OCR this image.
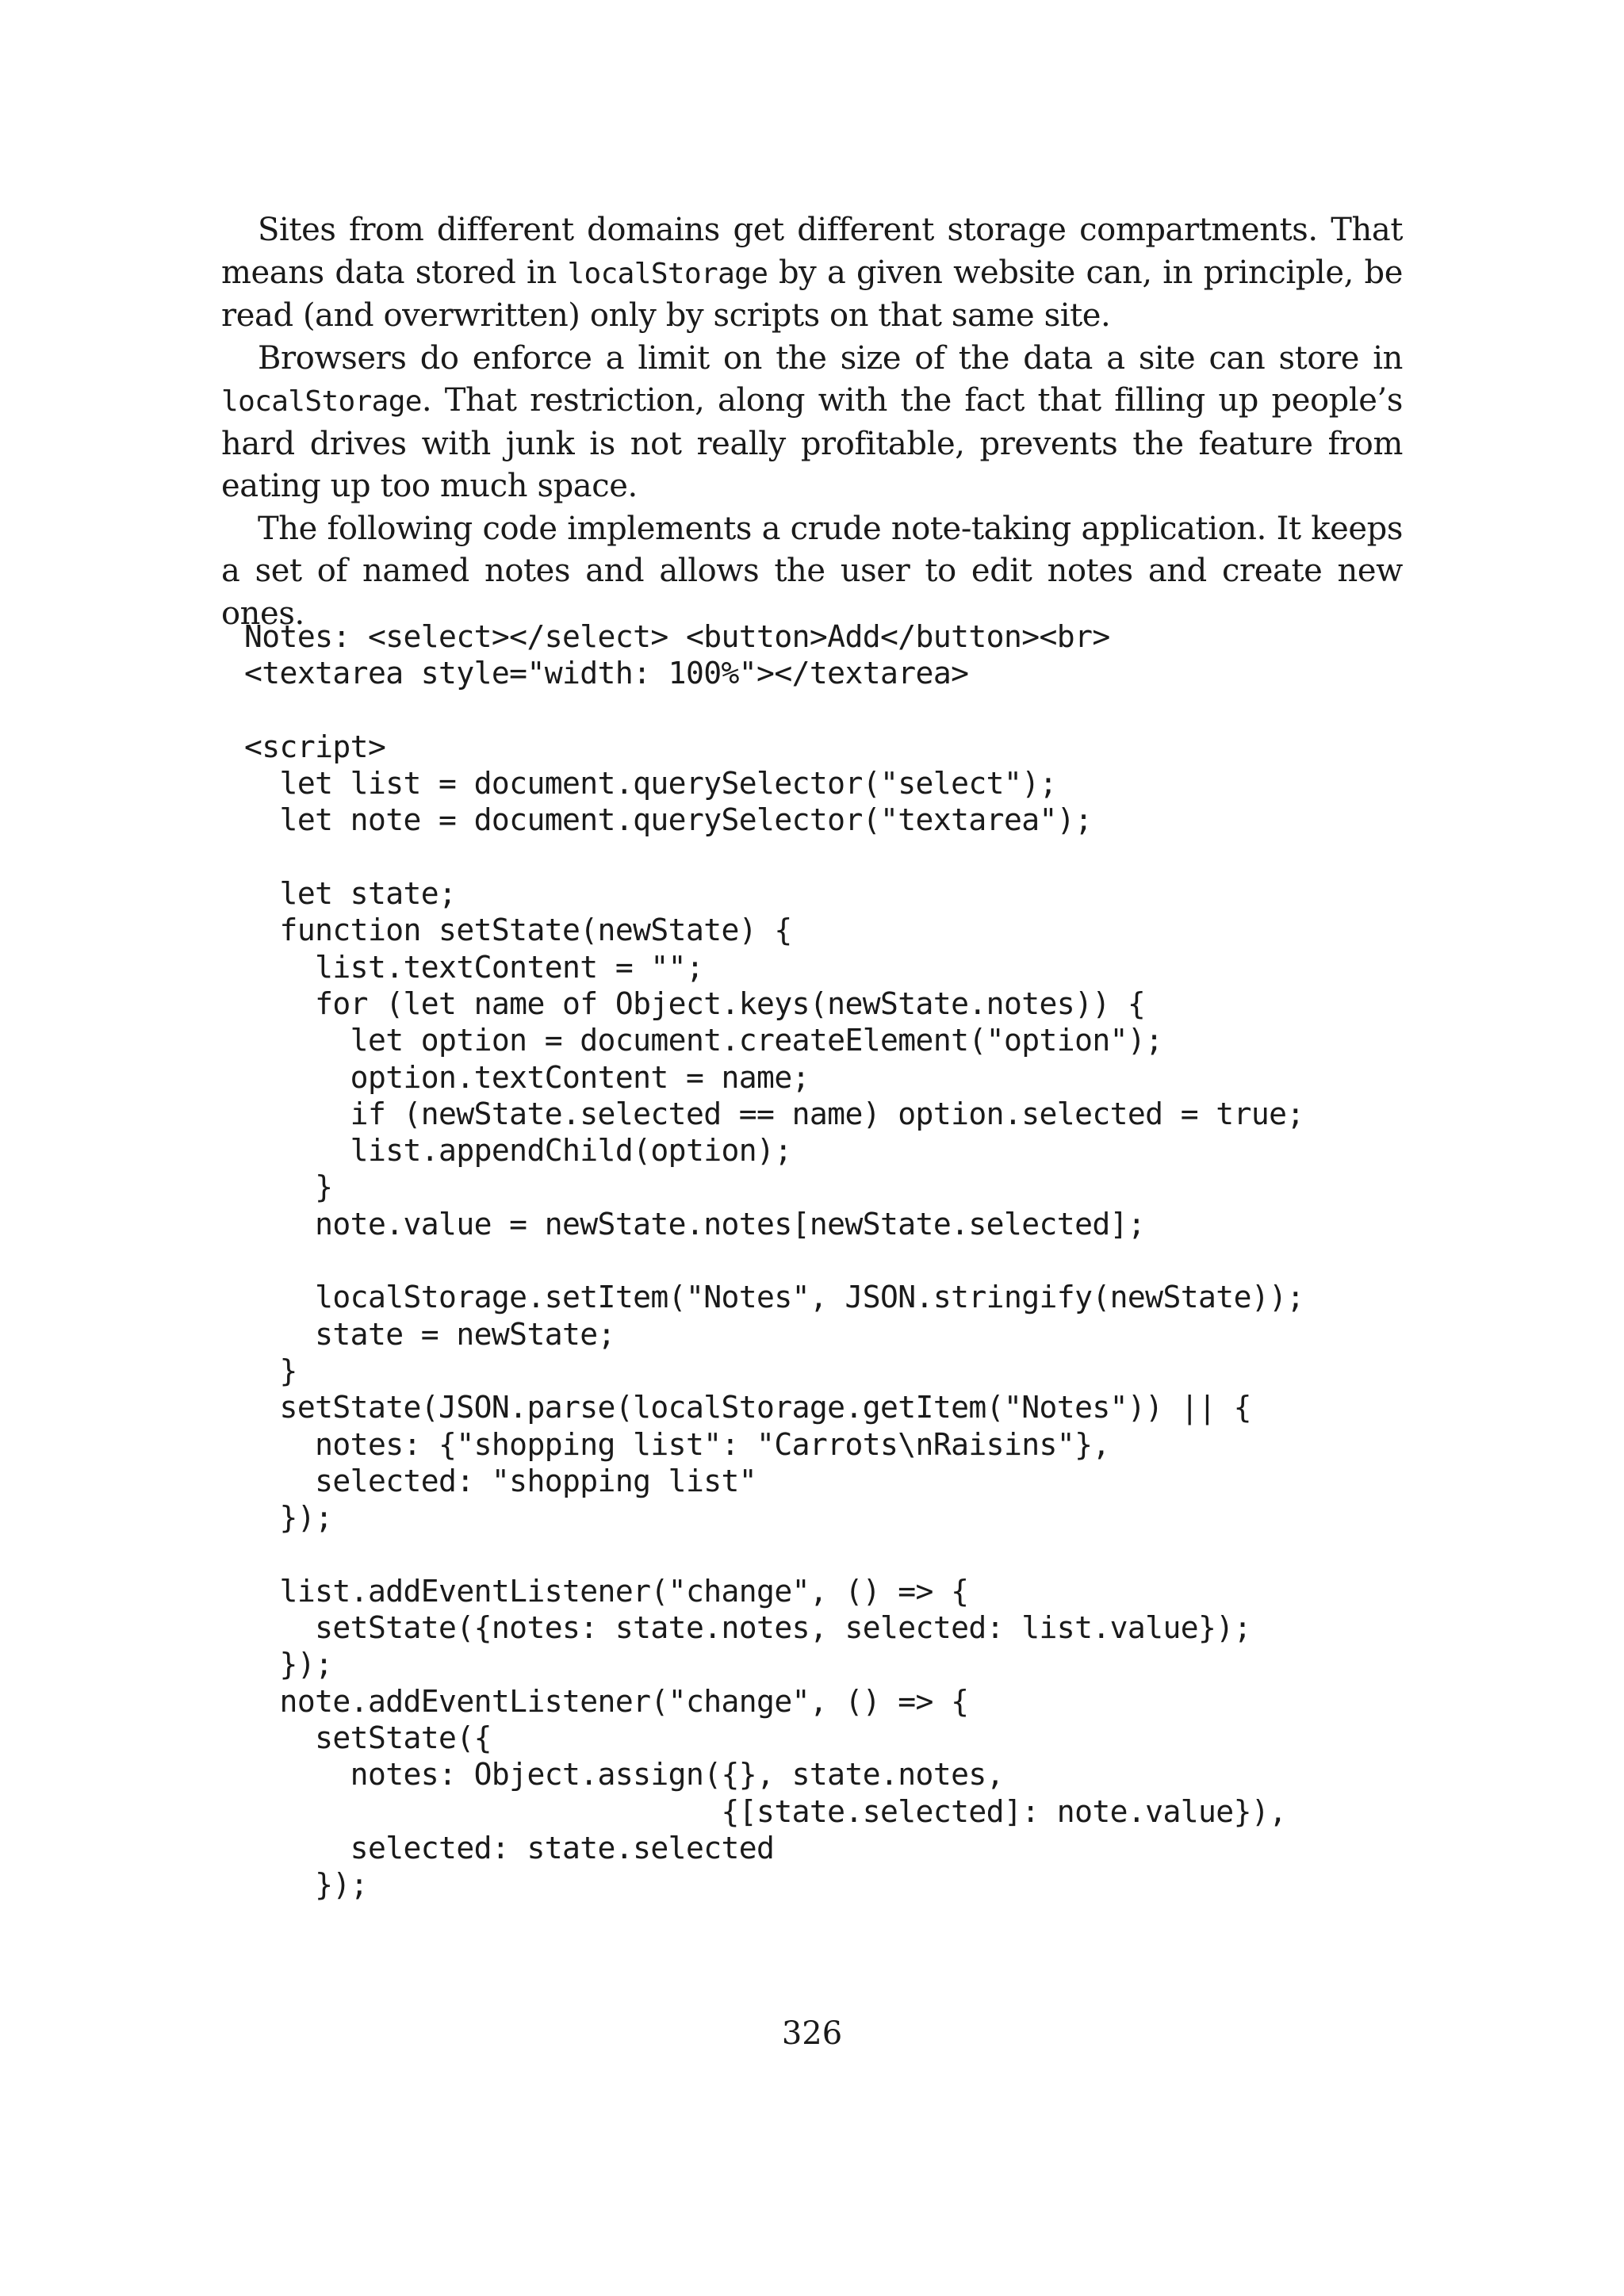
Sites from different domains get different storage compartments. That means data stored in localStorage by a given website can, in principle, be read (and overwritten) only by scripts on that same site.

Browsers do enforce a limit on the size of the data a site can store in localStorage. That restriction, along with the fact that filling up people’s hard drives with junk is not really profitable, prevents the feature from eating up too much space.

The following code implements a crude note-taking application. It keeps a set of named notes and allows the user to edit notes and create new ones.

Notes: <select></select> <button>Add</button><br>
<textarea style="width: 100%"></textarea>

<script>
let list = document.querySelector("select");
let note = document.querySelector("textarea");

let state;
function setState(newState) {
list.textContent = "";
for (let name of Object.keys(newState.notes)) {
let option = document.createElement("option");
option.textContent = name;
if (newState.selected == name) option.selected = true;
list.appendChild(option);
}
note.value = newState.notes[newState.selected];

localStorage.setItem("Notes", JSON.stringify(newState));
state = newState;
}
setState(JSON.parse(localStorage.getItem("Notes")) || {
notes: {"shopping list": "Carrots\nRaisins"},
selected: "shopping list"
});

list.addEventListener("change", () => {
setState({notes: state.notes, selected: list.value});
});
note.addEventListener("change", () => {
setState({
notes: Object.assign({}, state.notes,
{[state.selected]: note.value}),
selected: state.selected
});
326
